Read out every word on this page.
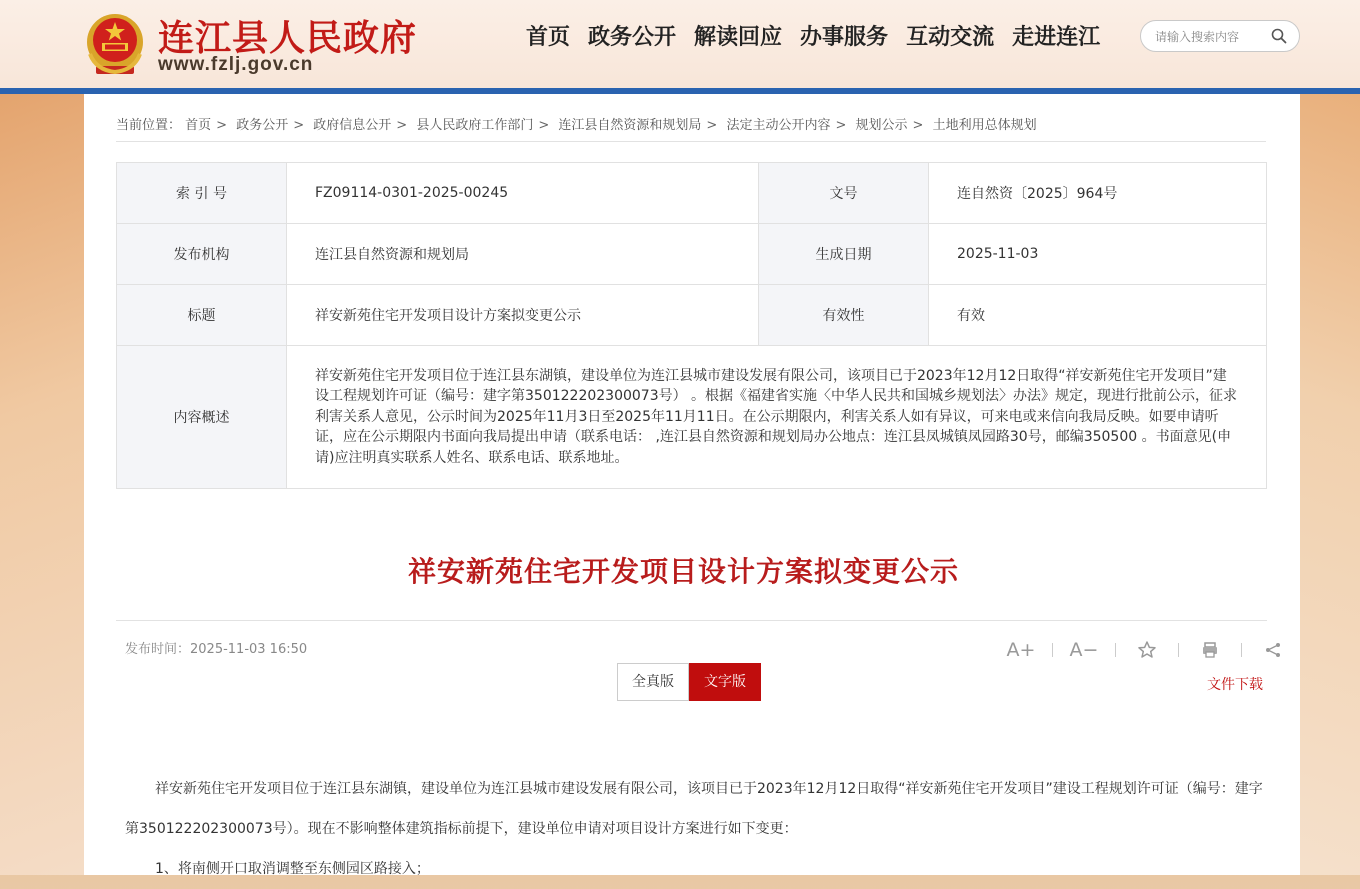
连江县人民政府
www.fzlj.gov.cn
首页 政务公开 解读回应 办事服务 互动交流 走进连江
请输入搜索内容
当前位置： 首页 > 政务公开 > 政府信息公开 > 县人民政府工作部门 > 连江县自然资源和规划局 > 法定主动公开内容 > 规划公示 > 土地利用总体规划
索 引 号	FZ09114-0301-2025-00245	文号	连自然资〔2025〕964号
发布机构	连江县自然资源和规划局	生成日期	2025-11-03
标题	祥安新苑住宅开发项目设计方案拟变更公示	有效性	有效
内容概述	祥安新苑住宅开发项目位于连江县东湖镇，建设单位为连江县城市建设发展有限公司，该项目已于2023年12月12日取得“祥安新苑住宅开发项目”建设工程规划许可证（编号：建字第350122202300073号） 。根据《福建省实施〈中华人民共和国城乡规划法〉办法》规定，现进行批前公示，征求利害关系人意见，公示时间为2025年11月3日至2025年11月11日。在公示期限内，利害关系人如有异议，可来电或来信向我局反映。如要申请听证，应在公示期限内书面向我局提出申请（联系电话： ,连江县自然资源和规划局办公地点：连江县凤城镇凤园路30号，邮编350500 。书面意见(申请)应注明真实联系人姓名、联系电话、联系地址。		
祥安新苑住宅开发项目设计方案拟变更公示
发布时间：2025-11-03 16:50	A+ A−
全真版	文字版	文件下载

祥安新苑住宅开发项目位于连江县东湖镇，建设单位为连江县城市建设发展有限公司，该项目已于2023年12月12日取得“祥安新苑住宅开发项目”建设工程规划许可证（编号：建字第350122202300073号）。现在不影响整体建筑指标前提下，建设单位申请对项目设计方案进行如下变更：

1、将南侧开口取消调整至东侧园区路接入；
